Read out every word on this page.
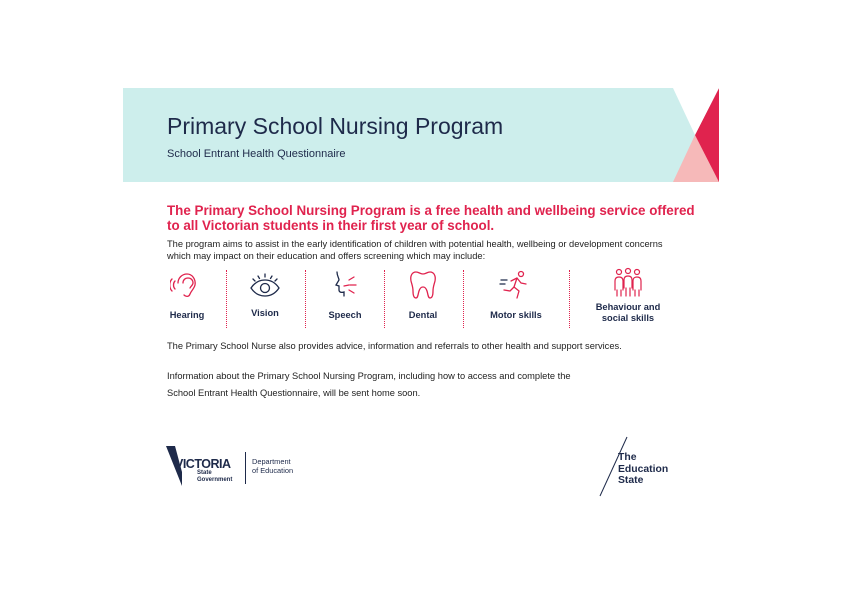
Primary School Nursing Program

School Entrant Health Questionnaire

The Primary School Nursing Program is a free health and wellbeing service offered to all Victorian students in their first year of school.

The program aims to assist in the early identification of children with potential health, wellbeing or development concerns which may impact on their education and offers screening which may include:

Hearing	Vision	Speech	Dental	Motor skills
Behaviour and social skills

The Primary School Nurse also provides advice, information and referrals to other health and support services.

Information about the Primary School Nursing Program, including how to access and complete the

School Entrant Health Questionnaire, will be sent home soon.

VICTORIA
State
Government
Department
of Education
The
Education
State
